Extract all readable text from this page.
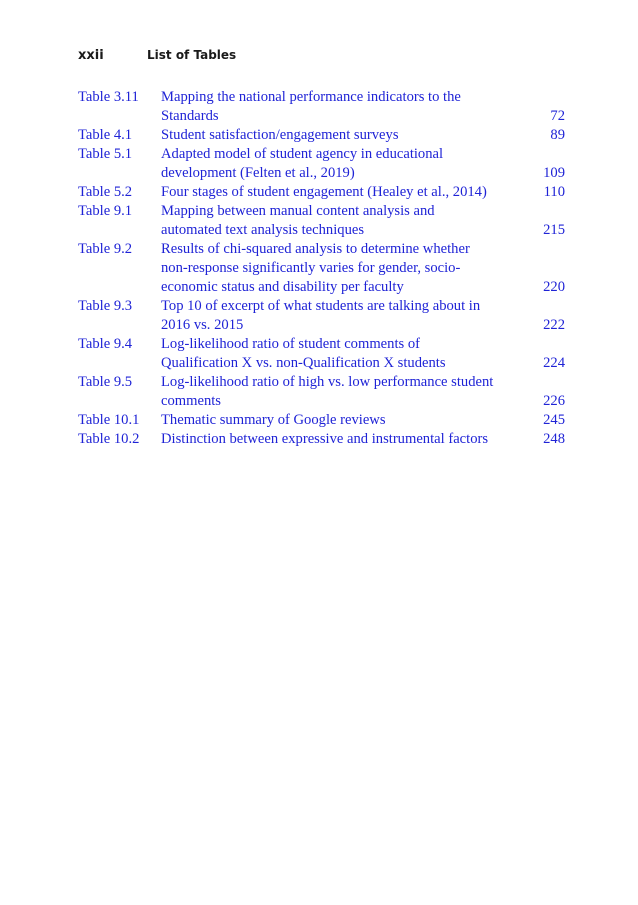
xxii	List of Tables
Table 3.11	Mapping the national performance indicators to the
Standards	72
Table 4.1	Student satisfaction/engagement surveys	89
Table 5.1	Adapted model of student agency in educational
development (Felten et al., 2019)	109
Table 5.2	Four stages of student engagement (Healey et al., 2014)	110
Table 9.1	Mapping between manual content analysis and
automated text analysis techniques	215
Table 9.2	Results of chi-squared analysis to determine whether
non-response significantly varies for gender, socio-
economic status and disability per faculty	220
Table 9.3	Top 10 of excerpt of what students are talking about in
2016 vs. 2015	222
Table 9.4	Log-likelihood ratio of student comments of
Qualification X vs. non-Qualification X students	224
Table 9.5	Log-likelihood ratio of high vs. low performance student
comments	226
Table 10.1	Thematic summary of Google reviews	245
Table 10.2	Distinction between expressive and instrumental factors	248
